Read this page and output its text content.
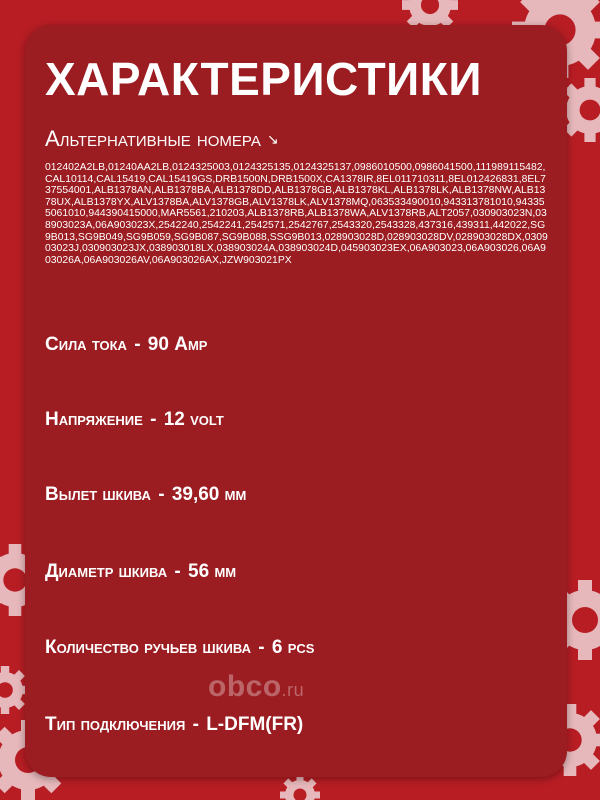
ХАРАКТЕРИСТИКИ
Альтернативные номера ↘
012402A2LB,01240AA2LB,0124325003,0124325135,0124325137,0986010500,0986041500,111989115482,CAL10114,CAL15419,CAL15419GS,DRB1500N,DRB1500X,CA1378IR,8EL011710311,8EL012426831,8EL737554001,ALB1378AN,ALB1378BA,ALB1378DD,ALB1378GB,ALB1378KL,ALB1378LK,ALB1378NW,ALB1378UX,ALB1378YX,ALV1378BA,ALV1378GB,ALV1378LK,ALV1378MQ,063533490010,943313781010,943355061010,944390415000,MAR5561,210203,ALB1378RB,ALB1378WA,ALV1378RB,ALT2057,030903023N,038903023A,06A903023X,2542240,2542241,2542571,2542767,2543320,2543328,437316,439311,442022,SG9B013,SG9B049,SG9B059,SG9B087,SG9B088,SSG9B013,028903028D,028903028DV,028903028DX,030903023J,030903023JX,038903018LX,038903024A,038903024D,045903023EX,06A903023,06A903026,06A903026A,06A903026AV,06A903026AX,JZW903021PX
Сила тока - 90 Amp
Напряжение - 12 volt
Вылет шкива - 39,60 мм
Диаметр шкива - 56 мм
Количество ручьев шкива - 6 pcs
Тип подключения - L-DFM(FR)
obco.ru
